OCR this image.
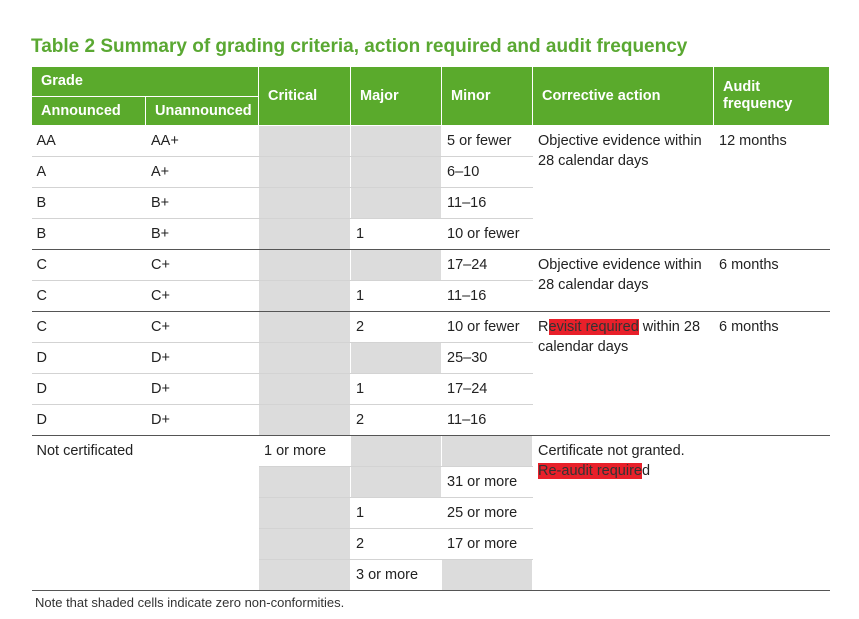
Table 2 Summary of grading criteria, action required and audit frequency
Grade		Critical	Major	Minor	Corrective action	Audit frequency
Announced	Unannounced					
AA	AA+			5 or fewer	Objective evidence within 28 calendar days	12 months
A	A+			6–10		
B	B+			11–16		
B	B+		1	10 or fewer		
C	C+			17–24	Objective evidence within 28 calendar days	6 months
C	C+		1	11–16		
C	C+		2	10 or fewer	Revisit required within 28 calendar days	6 months
D	D+			25–30		
D	D+		1	17–24		
D	D+		2	11–16		
Not certificated		1 or more			Certificate not granted.
Re-audit required	

				31 or more		
			1	25 or more		
			2	17 or more		
			3 or more			
Note that shaded cells indicate zero non-conformities.
